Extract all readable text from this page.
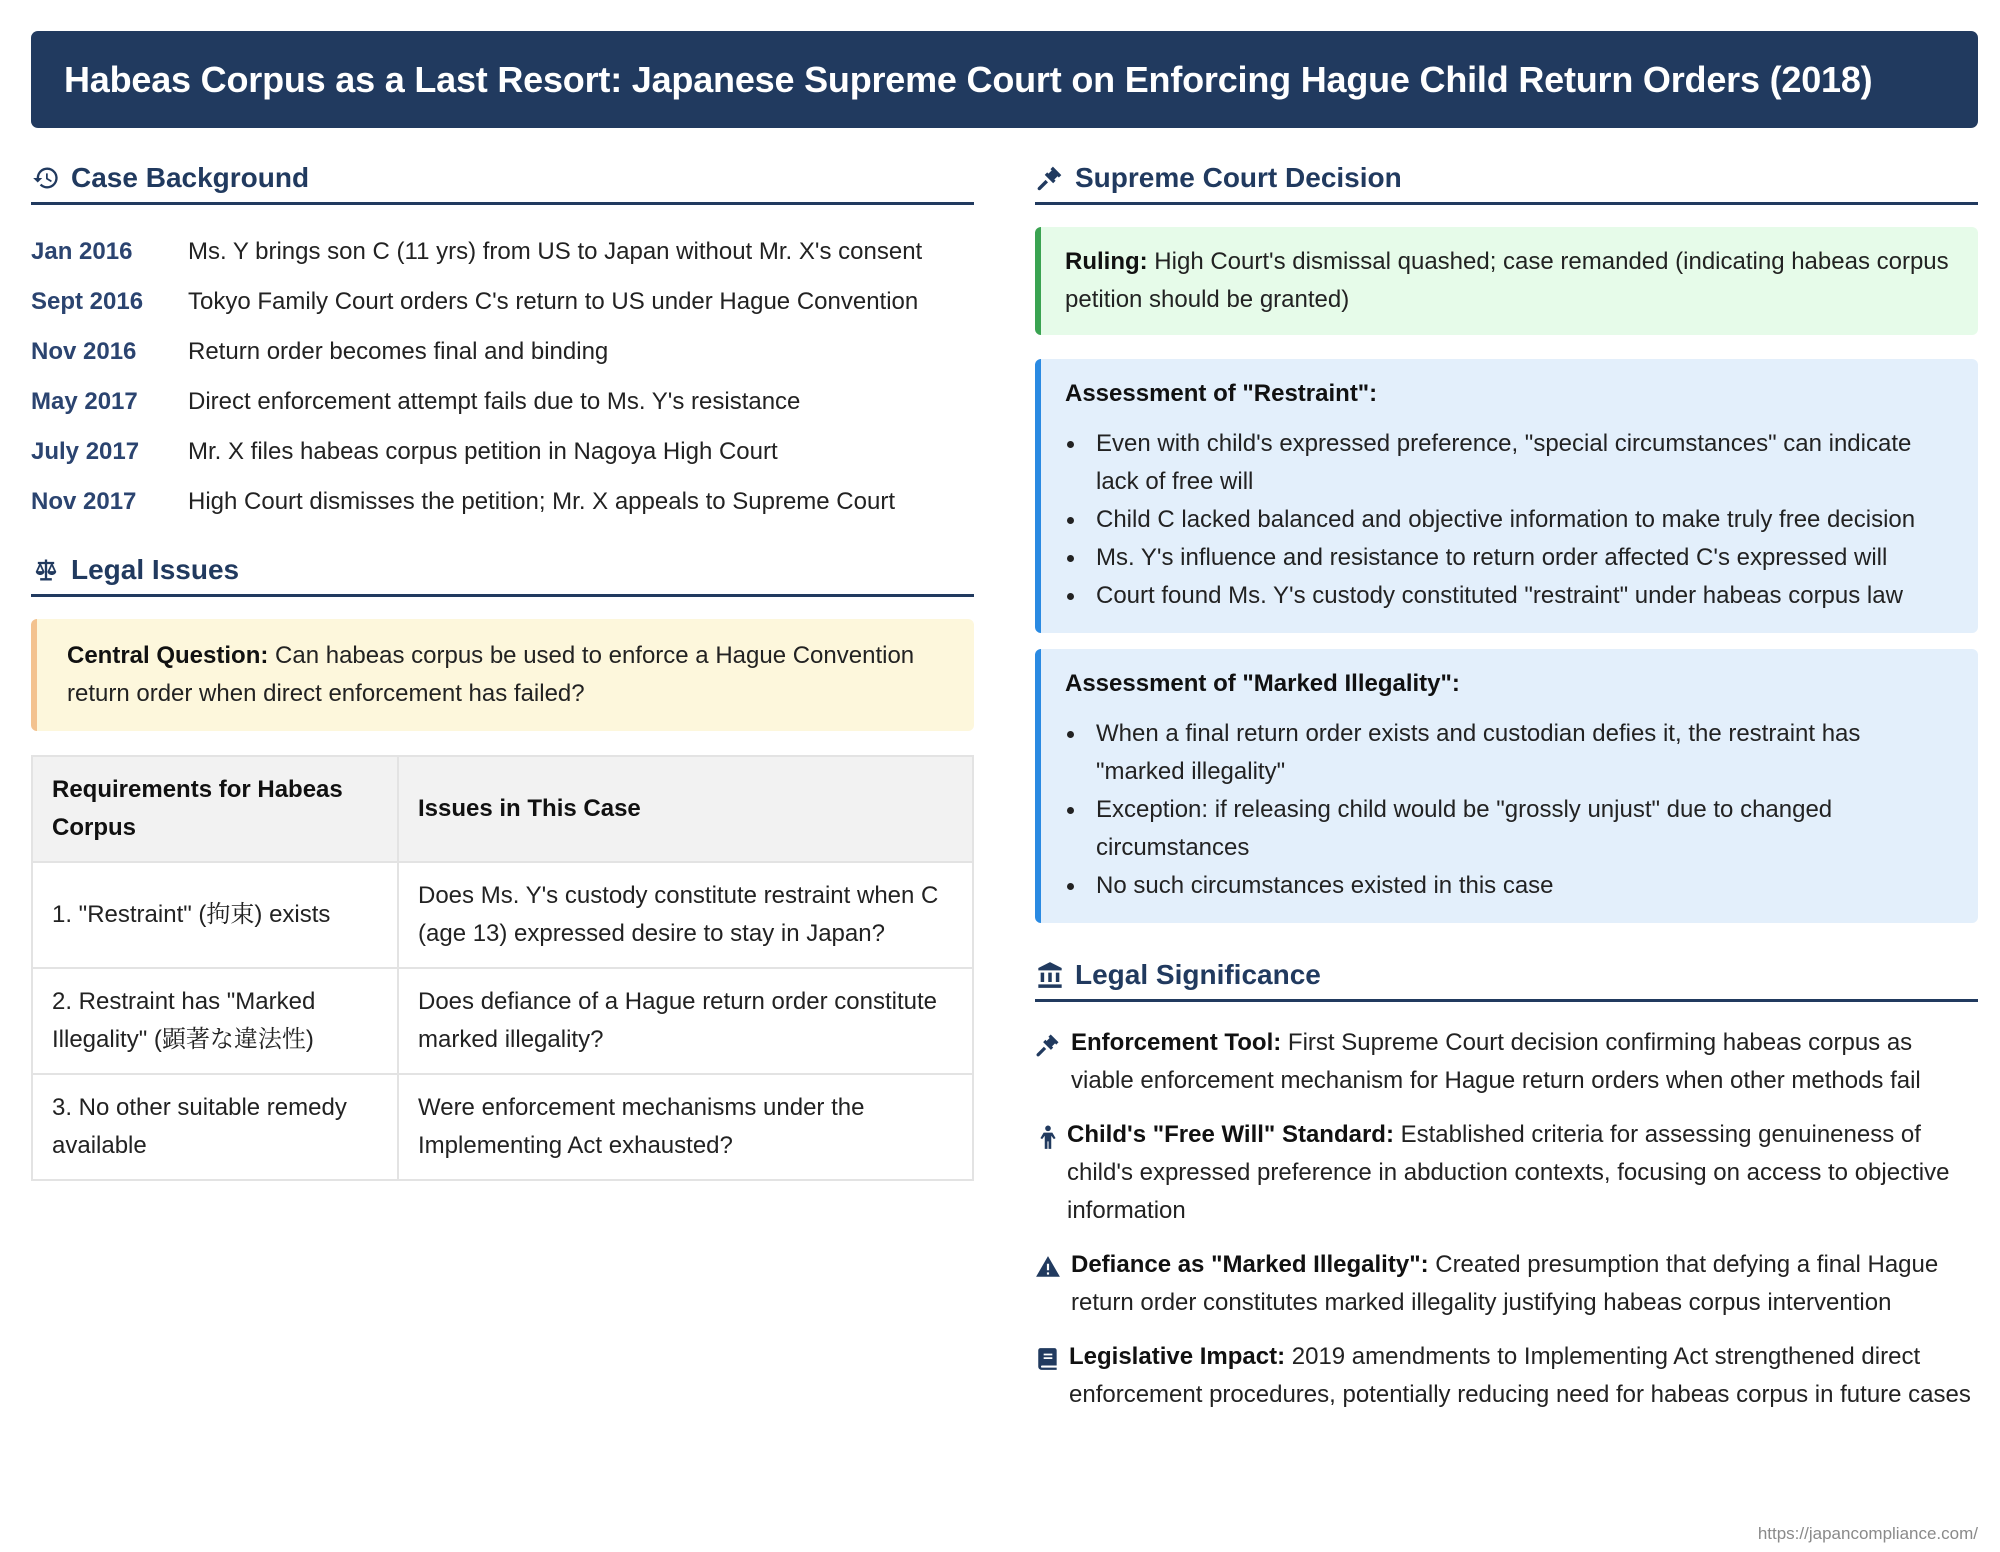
Habeas Corpus as a Last Resort: Japanese Supreme Court on Enforcing Hague Child Return Orders (2018)
Case Background
Jan 2016	Ms. Y brings son C (11 yrs) from US to Japan without Mr. X's consent
Sept 2016	Tokyo Family Court orders C's return to US under Hague Convention
Nov 2016	Return order becomes final and binding
May 2017	Direct enforcement attempt fails due to Ms. Y's resistance
July 2017	Mr. X files habeas corpus petition in Nagoya High Court
Nov 2017	High Court dismisses the petition; Mr. X appeals to Supreme Court
Legal Issues
Central Question: Can habeas corpus be used to enforce a Hague Convention return order when direct enforcement has failed?
Requirements for Habeas Corpus	Issues in This Case
1. "Restraint" (拘束) exists	Does Ms. Y's custody constitute restraint when C (age 13) expressed desire to stay in Japan?
2. Restraint has "Marked Illegality" (顕著な違法性)	Does defiance of a Hague return order constitute marked illegality?
3. No other suitable remedy available	Were enforcement mechanisms under the Implementing Act exhausted?
Supreme Court Decision
Ruling: High Court's dismissal quashed; case remanded (indicating habeas corpus petition should be granted)
Assessment of "Restraint":
Even with child's expressed preference, "special circumstances" can indicate lack of free will
Child C lacked balanced and objective information to make truly free decision
Ms. Y's influence and resistance to return order affected C's expressed will
Court found Ms. Y's custody constituted "restraint" under habeas corpus law
Assessment of "Marked Illegality":
When a final return order exists and custodian defies it, the restraint has "marked illegality"
Exception: if releasing child would be "grossly unjust" due to changed circumstances
No such circumstances existed in this case
Legal Significance
Enforcement Tool: First Supreme Court decision confirming habeas corpus as viable enforcement mechanism for Hague return orders when other methods fail
Child's "Free Will" Standard: Established criteria for assessing genuineness of child's expressed preference in abduction contexts, focusing on access to objective information
Defiance as "Marked Illegality": Created presumption that defying a final Hague return order constitutes marked illegality justifying habeas corpus intervention
Legislative Impact: 2019 amendments to Implementing Act strengthened direct enforcement procedures, potentially reducing need for habeas corpus in future cases
https://japancompliance.com/
